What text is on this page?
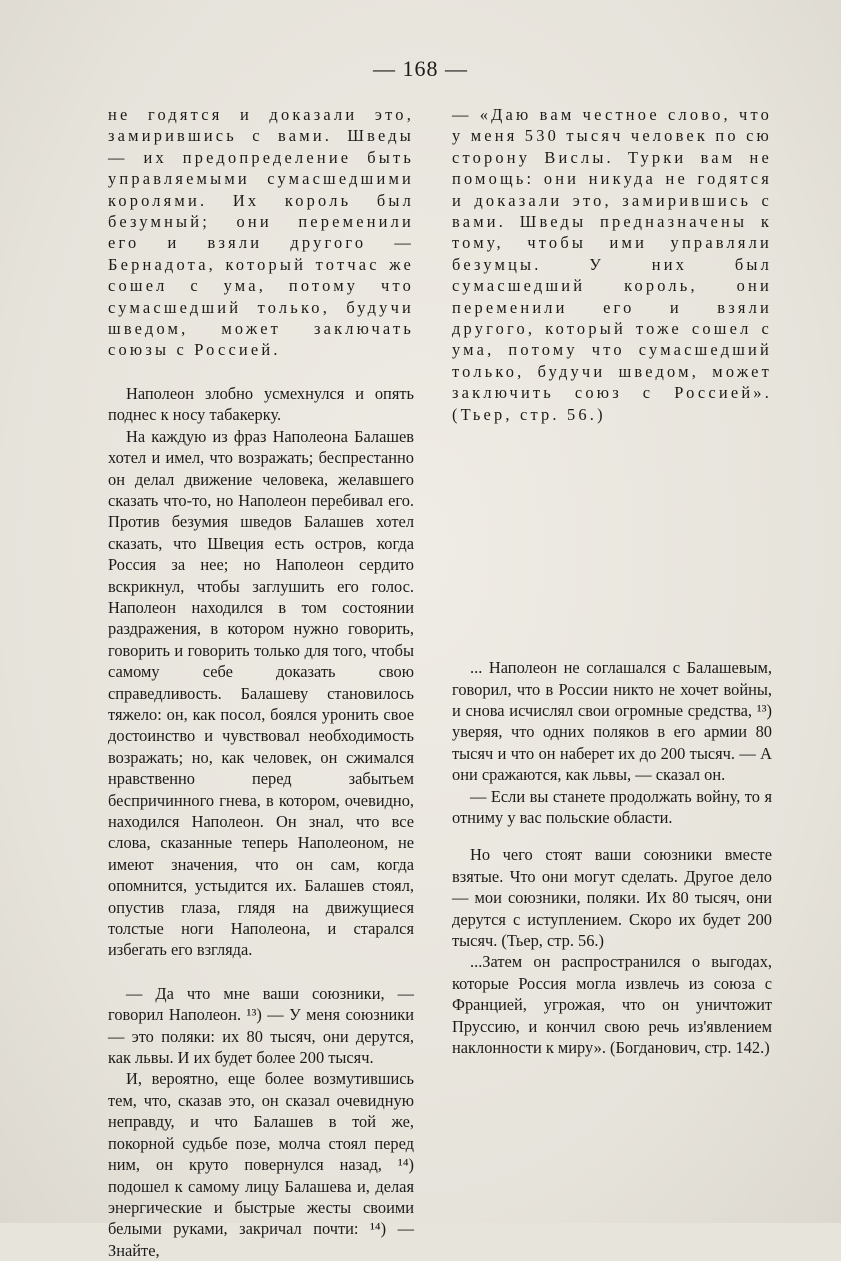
— 168 —

не годятся и доказали это, замирившись с вами. Шведы — их предопределение быть управляемыми сумасшедшими королями. Их король был безумный; они переменили его и взяли другого — Бернадота, который тотчас же сошел с ума, потому что сумасшедший только, будучи шведом, может заключать союзы с Россией.

Наполеон злобно усмехнулся и опять поднес к носу табакерку.

На каждую из фраз Наполеона Балашев хотел и имел, что возражать; беспрестанно он делал движение человека, желавшего сказать что-то, но Наполеон перебивал его. Против безумия шведов Балашев хотел сказать, что Швеция есть остров, когда Россия за нее; но Наполеон сердито вскрикнул, чтобы заглушить его голос. Наполеон находился в том состоянии раздражения, в котором нужно говорить, говорить и говорить только для того, чтобы самому себе доказать свою справедливость. Балашеву становилось тяжело: он, как посол, боялся уронить свое достоинство и чувствовал необходимость возражать; но, как человек, он сжимался нравственно перед забытьем беспричинного гнева, в котором, очевидно, находился Наполеон. Он знал, что все слова, сказанные теперь Наполеоном, не имеют значения, что он сам, когда опомнится, устыдится их. Балашев стоял, опустив глаза, глядя на движущиеся толстые ноги Наполеона, и старался избегать его взгляда.

— Да что мне ваши союзники, — говорил Наполеон. ¹³) — У меня союзники — это поляки: их 80 тысяч, они дерутся, как львы. И их будет более 200 тысяч.

И, вероятно, еще более возмутившись тем, что, сказав это, он сказал очевидную неправду, и что Балашев в той же, покорной судьбе позе, молча стоял перед ним, он круто повернулся назад, ¹⁴) подошел к самому лицу Балашева и, делая энергические и быстрые жесты своими белыми руками, закричал почти: ¹⁴) — Знайте,

— «Даю вам честное слово, что у меня 530 тысяч человек по сю сторону Вислы. Турки вам не помощь: они никуда не годятся и доказали это, замирившись с вами. Шведы предназначены к тому, чтобы ими управляли безумцы. У них был сумасшедший король, они переменили его и взяли другого, который тоже сошел с ума, потому что сумасшедший только, будучи шведом, может заключить союз с Россией». (Тьер, стр. 56.)

... Наполеон не соглашался с Балашевым, говорил, что в России никто не хочет войны, и снова исчислял свои огромные средства, ¹³) уверяя, что одних поляков в его армии 80 тысяч и что он наберет их до 200 тысяч. — А они сражаются, как львы, — сказал он.

— Если вы станете продолжать войну, то я отниму у вас польские области.

Но чего стоят ваши союзники вместе взятые. Что они могут сделать. Другое дело — мои союзники, поляки. Их 80 тысяч, они дерутся с иступлением. Скоро их будет 200 тысяч. (Тьер, стр. 56.)

...Затем он распространился о выгодах, которые Россия могла извлечь из союза с Францией, угрожая, что он уничтожит Пруссию, и кончил свою речь из'явлением наклонности к миру». (Богданович, стр. 142.)
